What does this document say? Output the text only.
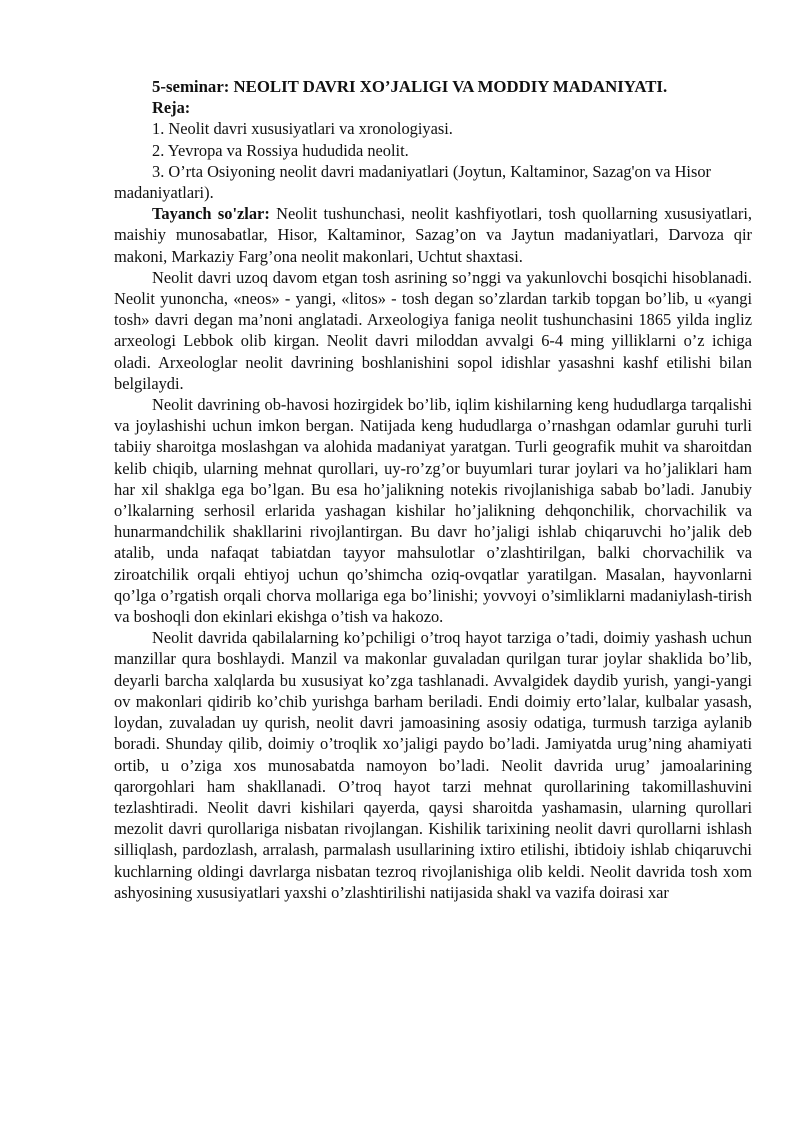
5-seminar: NEOLIT DAVRI XO’JALIGI VA MODDIY MADANIYATI.

Reja:

1. Neolit davri xususiyatlari va xronologiyasi.

2. Yevropa va Rossiya hududida neolit.

3. O’rta Osiyoning neolit davri madaniyatlari (Joytun, Kaltaminor, Sazag'on va Hisor madaniyatlari).

Tayanch so'zlar: Neolit tushunchasi, neolit kashfiyotlari, tosh quollarning xusus​iyatlari, maishiy munosabatlar, Hisor, Kaltaminor, Sazag’on va Jaytun madaniyatlari, Darvoza qir makoni, Markaziy Farg’ona neolit makonlari, Uchtut shaxtasi.

Neolit davri uzoq davom etgan tosh asrining so’nggi va yakunlovchi bosqichi hisoblanadi. Neolit yunoncha, «neos» - yangi, «litos» - tosh degan so’zlardan tarkib topgan bo’lib, u «yangi tosh» davri degan ma’noni anglatadi. Arxeologiya faniga neolit tushunchasini 1865 yilda ingliz arxeologi Lebbok olib kirgan. Neolit davri miloddan avvalgi 6-4 ming yilliklarni o’z ichiga oladi. Arxeologlar neolit davrining boshlanishini sopol idishlar yasashni kashf etilishi bilan belgilaydi.

Neolit davrining ob-havosi hozirgidek bo’lib, iqlim kishilarning keng hududlarga tarqalishi va joylashishi uchun imkon bergan. Natijada keng hududlarga o’rnashgan odamlar guruhi turli tabiiy sharoitga moslashgan va alohida madaniyat yaratgan. Turli geografik muhit va sharoitdan kelib chiqib, ularning mehnat qurollari, uy-ro’zg’or buyumlari turar joylari va ho’jaliklari ham har xil shaklga ega bo’lgan. Bu esa ho’jalikning notekis rivojlanishiga sabab bo’ladi. Janubiy o’lkalarning serhosil erlarida yashagan kishilar ho’jalikning dehqonchilik, chorvachilik va hunarmandchilik shakllarini rivojlantirgan. Bu davr ho’jaligi ishlab chiqaruvchi ho’jalik deb atalib, unda nafaqat tabiatdan tayyor mahsulotlar o’zlashtirilgan, balki chorvachilik va ziroatchilik orqali ehtiyoj uchun qo’shimcha oziq-ovqatlar yaratilgan. Masalan, hayvonlarni qo’lga o’rgatish orqali chorva mollariga ega bo’linishi; yovvoyi o’simliklarni madaniylash-tirish va boshoqli don ekinlari ekishga o’tish va hakozo.

Neolit davrida qabilalarning ko’pchiligi o’troq hayot tarziga o’tadi, doimiy yashash uchun manzillar qura boshlaydi. Manzil va makonlar guvaladan qurilgan turar joylar shaklida bo’lib, deyarli barcha xalqlarda bu xususiyat ko’zga tashlanadi. Avvalgidek daydib yurish, yangi-yangi ov makonlari qidirib ko’chib yurishga barham beriladi. Endi doimiy erto’lalar, kulbalar yasash, loydan, zuvaladan uy qurish, neolit davri jamoasining asosiy odatiga, turmush tarziga aylanib boradi. Shunday qilib, doimiy o’troqlik xo’jaligi paydo bo’ladi. Jamiyatda urug’ning ahamiyati ortib, u o’ziga xos munosabatda namoyon bo’ladi. Neolit davrida urug’ jamoalarining qarorgohlari ham shakllanadi. O’troq hayot tarzi mehnat qurollarining takomillashuvini tezlashtiradi. Neolit davri kishilari qayerda, qaysi sharoitda yashamasin, ularning qurollari mezolit davri qurollariga nisbatan rivojlangan. Kishilik tarixining neolit davri qurollarni ishlash silliqlash, pardozlash, arralash, parmalash usullarining ixtiro etilishi, ibtidoiy ishlab chiqaruvchi kuchlarning oldingi davrlarga nisbatan tezroq rivojlanishiga olib keldi. Neolit davrida tosh xom ashyosining xususiyatlari yaxshi o’zlashtirilishi natijasida shakl va vazifa doirasi xar
